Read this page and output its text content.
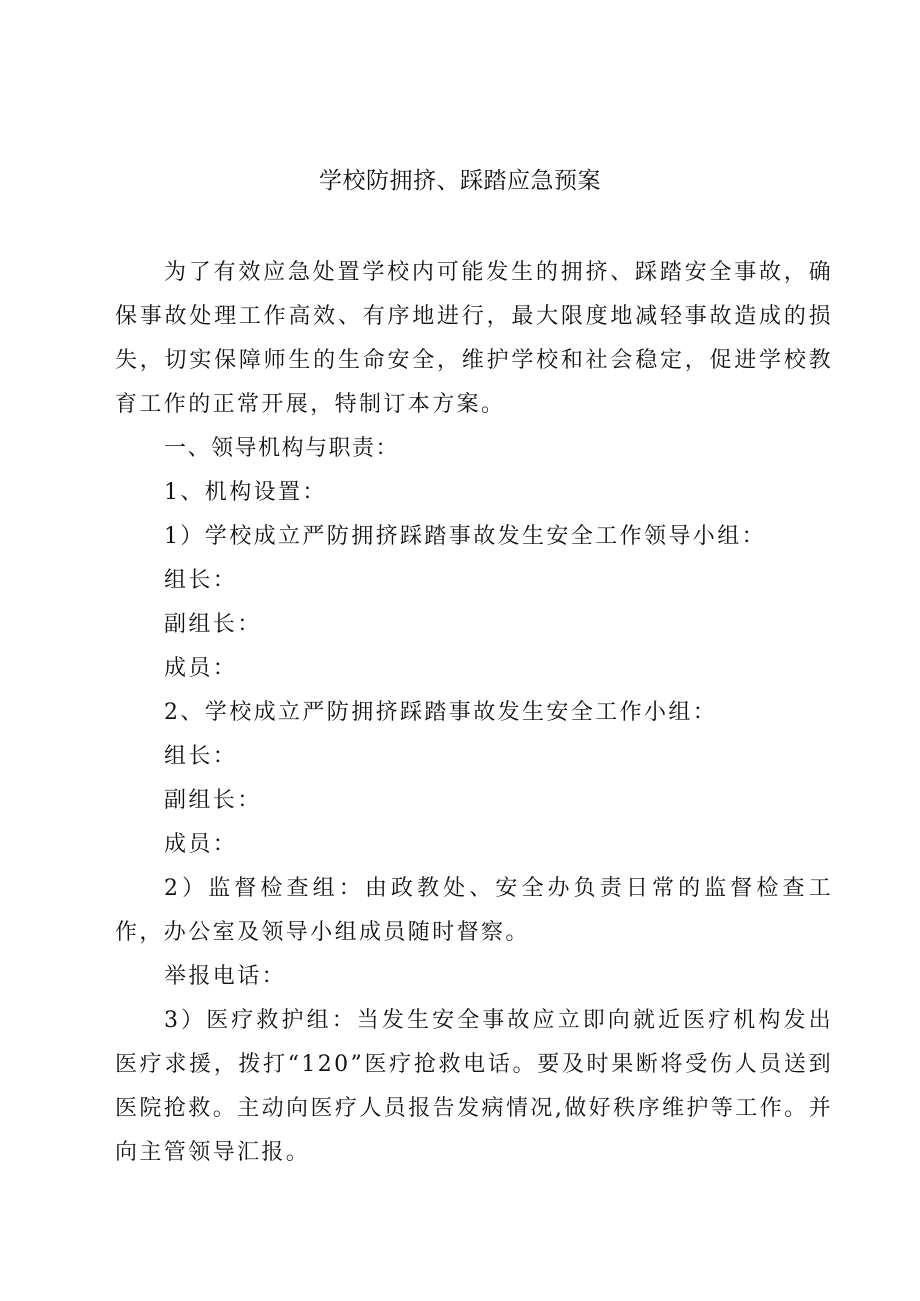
学校防拥挤、踩踏应急预案

为了有效应急处置学校内可能发生的拥挤、踩踏安全事故，确保事故处理工作高效、有序地进行，最大限度地减轻事故造成的损失，切实保障师生的生命安全，维护学校和社会稳定，促进学校教育工作的正常开展，特制订本方案。

一、领导机构与职责：

1、机构设置：

1）学校成立严防拥挤踩踏事故发生安全工作领导小组：

组长：

副组长：

成员：

2、学校成立严防拥挤踩踏事故发生安全工作小组：

组长：

副组长：

成员：

2）监督检查组：由政教处、安全办负责日常的监督检查工作，办公室及领导小组成员随时督察。

举报电话：

3）医疗救护组：当发生安全事故应立即向就近医疗机构发出医疗求援，拨打“120”医疗抢救电话。要及时果断将受伤人员送到医院抢救。主动向医疗人员报告发病情况,做好秩序维护等工作。并向主管领导汇报。
